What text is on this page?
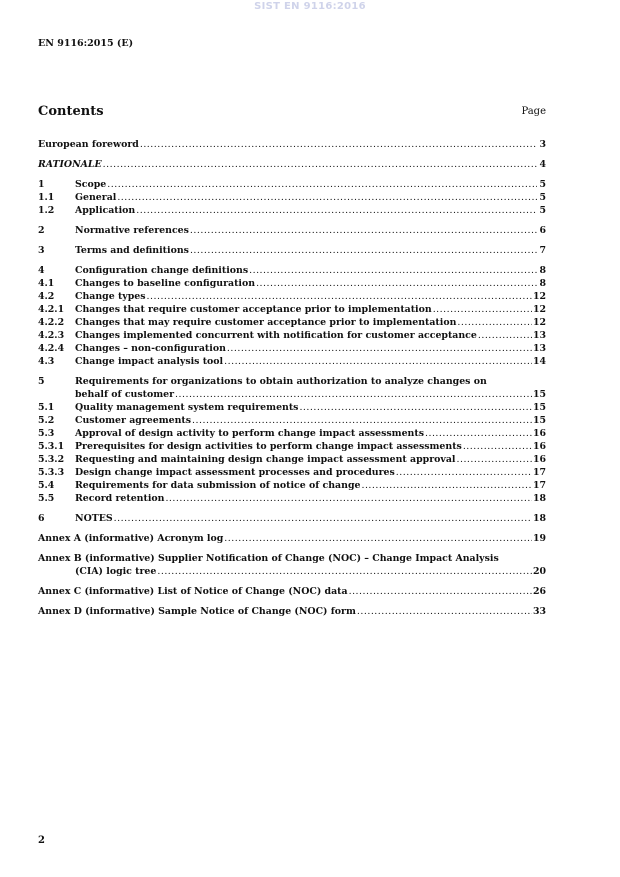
SIST EN 9116:2016
EN 9116:2015 (E)
Contents	Page
European foreword .....	3
RATIONALE .....	4
1	Scope .....	5
1.1	General .....	5
1.2	Application .....	5
2	Normative references .....	6
3	Terms and definitions .....	7
4	Configuration change definitions .....	8
4.1	Changes to baseline configuration .....	8
4.2	Change types .....	12
4.2.1	Changes that require customer acceptance prior to implementation .....	12
4.2.2	Changes that may require customer acceptance prior to implementation .....	12
4.2.3	Changes implemented concurrent with notification for customer acceptance .....	13
4.2.4	Changes – non-configuration .....	13
4.3	Change impact analysis tool .....	14
5	Requirements for organizations to obtain authorization to analyze changes on
behalf of customer .....	15
5.1	Quality management system requirements .....	15
5.2	Customer agreements .....	15
5.3	Approval of design activity to perform change impact assessments .....	16
5.3.1	Prerequisites for design activities to perform change impact assessments .....	16
5.3.2	Requesting and maintaining design change impact assessment approval .....	16
5.3.3	Design change impact assessment processes and procedures .....	17
5.4	Requirements for data submission of notice of change .....	17
5.5	Record retention .....	18
6	NOTES .....	18
Annex A (informative) Acronym log .....	19
Annex B (informative) Supplier Notification of Change (NOC) – Change Impact Analysis
(CIA) logic tree .....	20
Annex C (informative) List of Notice of Change (NOC) data .....	26
Annex D (informative) Sample Notice of Change (NOC) form .....	33
2
